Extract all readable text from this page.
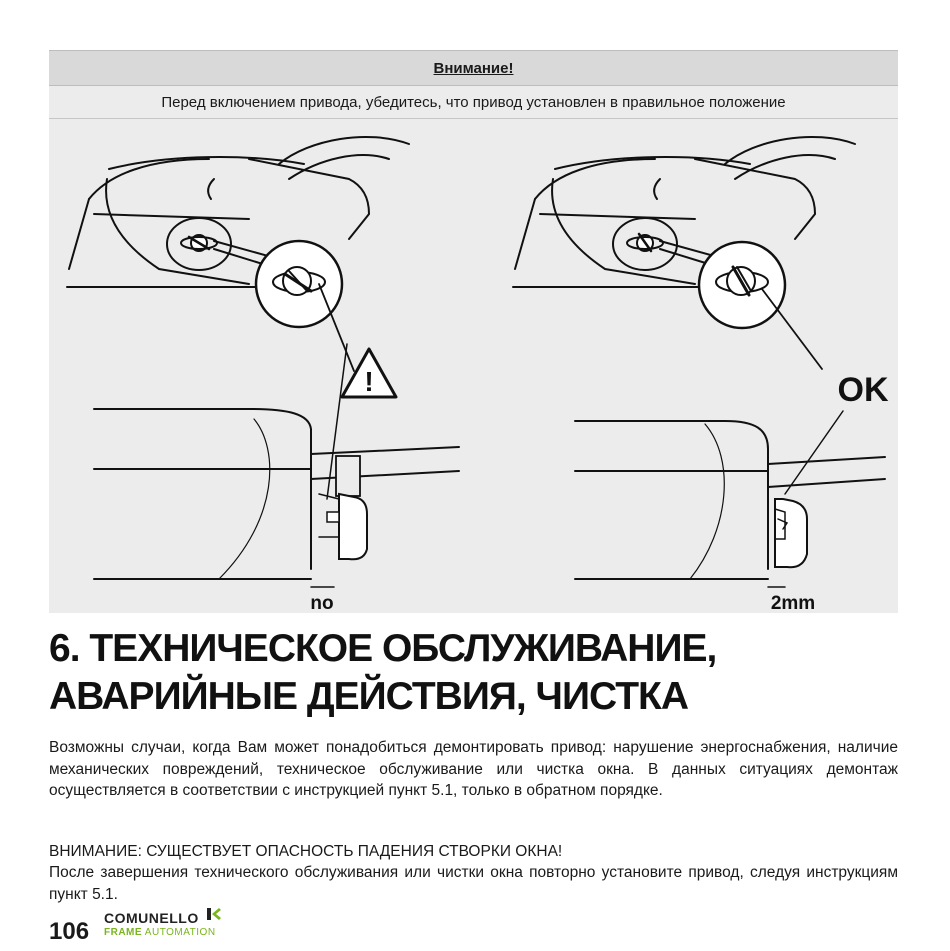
Внимание!
Перед включением привода, убедитесь, что привод установлен в правильное положение
!
no
OK
2mm
6. ТЕХНИЧЕСКОЕ ОБСЛУЖИВАНИЕ,
АВАРИЙНЫЕ ДЕЙСТВИЯ, ЧИСТКА

Возможны случаи, когда Вам может понадобиться демонтировать привод: нарушение энергоснабжения, наличие механических повреждений, техническое обслуживание или чистка окна. В данных ситуациях демонтаж осуществляется в соответствии с инструкцией пункт 5.1, только в обратном порядке.

ВНИМАНИЕ: СУЩЕСТВУЕТ ОПАСНОСТЬ ПАДЕНИЯ СТВОРКИ ОКНА!

После завершения технического обслуживания или чистки окна повторно установите привод, следуя инструкциям пункт 5.1.

106 COMUNELLO
FRAME AUTOMATION
